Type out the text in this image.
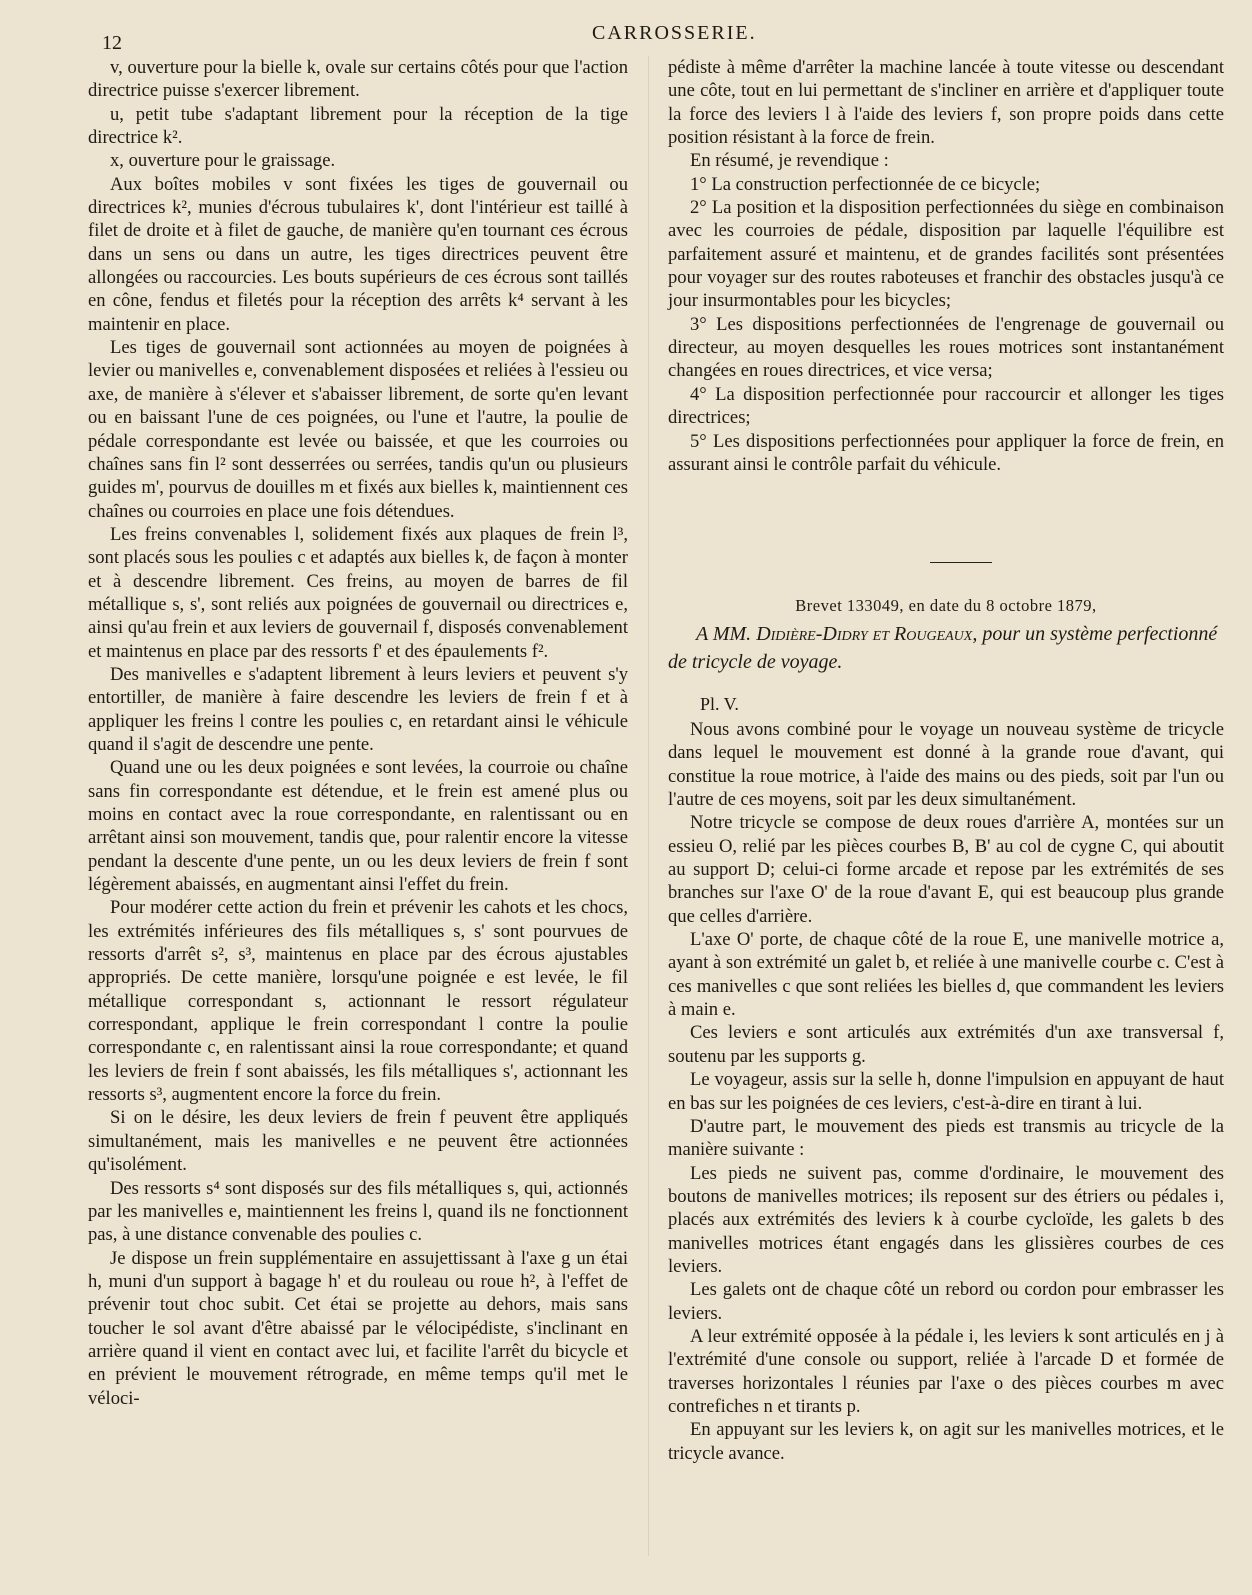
12	CARROSSERIE.

v, ouverture pour la bielle k, ovale sur certains côtés pour que l'action directrice puisse s'exercer librement.

u, petit tube s'adaptant librement pour la réception de la tige directrice k².

x, ouverture pour le graissage.

Aux boîtes mobiles v sont fixées les tiges de gouvernail ou directrices k², munies d'écrous tubulaires k', dont l'intérieur est taillé à filet de droite et à filet de gauche, de manière qu'en tournant ces écrous dans un sens ou dans un autre, les tiges directrices peuvent être allongées ou raccourcies. Les bouts supérieurs de ces écrous sont taillés en cône, fendus et filetés pour la réception des arrêts k⁴ servant à les maintenir en place.

Les tiges de gouvernail sont actionnées au moyen de poignées à levier ou manivelles e, convenablement disposées et reliées à l'essieu ou axe, de manière à s'élever et s'abaisser librement, de sorte qu'en levant ou en baissant l'une de ces poignées, ou l'une et l'autre, la poulie de pédale correspondante est levée ou baissée, et que les courroies ou chaînes sans fin l² sont desserrées ou serrées, tandis qu'un ou plusieurs guides m', pourvus de douilles m et fixés aux bielles k, maintiennent ces chaînes ou courroies en place une fois détendues.

Les freins convenables l, solidement fixés aux plaques de frein l³, sont placés sous les poulies c et adaptés aux bielles k, de façon à monter et à descendre librement. Ces freins, au moyen de barres de fil métallique s, s', sont reliés aux poignées de gouvernail ou directrices e, ainsi qu'au frein et aux leviers de gouvernail f, disposés convenablement et maintenus en place par des ressorts f' et des épaulements f².

Des manivelles e s'adaptent librement à leurs leviers et peuvent s'y entortiller, de manière à faire descendre les leviers de frein f et à appliquer les freins l contre les poulies c, en retardant ainsi le véhicule quand il s'agit de descendre une pente.

Quand une ou les deux poignées e sont levées, la courroie ou chaîne sans fin correspondante est détendue, et le frein est amené plus ou moins en contact avec la roue correspondante, en ralentissant ou en arrêtant ainsi son mouvement, tandis que, pour ralentir encore la vitesse pendant la descente d'une pente, un ou les deux leviers de frein f sont légèrement abaissés, en augmentant ainsi l'effet du frein.

Pour modérer cette action du frein et prévenir les cahots et les chocs, les extrémités inférieures des fils métalliques s, s' sont pourvues de ressorts d'arrêt s², s³, maintenus en place par des écrous ajustables appropriés. De cette manière, lorsqu'une poignée e est levée, le fil métallique correspondant s, actionnant le ressort régulateur correspondant, applique le frein correspondant l contre la poulie correspondante c, en ralentissant ainsi la roue correspondante; et quand les leviers de frein f sont abaissés, les fils métalliques s', actionnant les ressorts s³, augmentent encore la force du frein.

Si on le désire, les deux leviers de frein f peuvent être appliqués simultanément, mais les manivelles e ne peuvent être actionnées qu'isolément.

Des ressorts s⁴ sont disposés sur des fils métalliques s, qui, actionnés par les manivelles e, maintiennent les freins l, quand ils ne fonctionnent pas, à une distance convenable des poulies c.

Je dispose un frein supplémentaire en assujettissant à l'axe g un étai h, muni d'un support à bagage h' et du rouleau ou roue h², à l'effet de prévenir tout choc subit. Cet étai se projette au dehors, mais sans toucher le sol avant d'être abaissé par le vélocipédiste, s'inclinant en arrière quand il vient en contact avec lui, et facilite l'arrêt du bicycle et en prévient le mouvement rétrograde, en même temps qu'il met le véloci-

pédiste à même d'arrêter la machine lancée à toute vitesse ou descendant une côte, tout en lui permettant de s'incliner en arrière et d'appliquer toute la force des leviers l à l'aide des leviers f, son propre poids dans cette position résistant à la force de frein.

En résumé, je revendique :

1° La construction perfectionnée de ce bicycle;

2° La position et la disposition perfectionnées du siège en combinaison avec les courroies de pédale, disposition par laquelle l'équilibre est parfaitement assuré et maintenu, et de grandes facilités sont présentées pour voyager sur des routes raboteuses et franchir des obstacles jusqu'à ce jour insurmontables pour les bicycles;

3° Les dispositions perfectionnées de l'engrenage de gouvernail ou directeur, au moyen desquelles les roues motrices sont instantanément changées en roues directrices, et vice versa;

4° La disposition perfectionnée pour raccourcir et allonger les tiges directrices;

5° Les dispositions perfectionnées pour appliquer la force de frein, en assurant ainsi le contrôle parfait du véhicule.

Brevet 133049, en date du 8 octobre 1879,
A MM. Didière-Didry et Rougeaux, pour un système perfectionné de tricycle de voyage.
Pl. V.

Nous avons combiné pour le voyage un nouveau système de tricycle dans lequel le mouvement est donné à la grande roue d'avant, qui constitue la roue motrice, à l'aide des mains ou des pieds, soit par l'un ou l'autre de ces moyens, soit par les deux simultanément.

Notre tricycle se compose de deux roues d'arrière A, montées sur un essieu O, relié par les pièces courbes B, B' au col de cygne C, qui aboutit au support D; celui-ci forme arcade et repose par les extrémités de ses branches sur l'axe O' de la roue d'avant E, qui est beaucoup plus grande que celles d'arrière.

L'axe O' porte, de chaque côté de la roue E, une manivelle motrice a, ayant à son extrémité un galet b, et reliée à une manivelle courbe c. C'est à ces manivelles c que sont reliées les bielles d, que commandent les leviers à main e.

Ces leviers e sont articulés aux extrémités d'un axe transversal f, soutenu par les supports g.

Le voyageur, assis sur la selle h, donne l'impulsion en appuyant de haut en bas sur les poignées de ces leviers, c'est-à-dire en tirant à lui.

D'autre part, le mouvement des pieds est transmis au tricycle de la manière suivante :

Les pieds ne suivent pas, comme d'ordinaire, le mouvement des boutons de manivelles motrices; ils reposent sur des étriers ou pédales i, placés aux extrémités des leviers k à courbe cycloïde, les galets b des manivelles motrices étant engagés dans les glissières courbes de ces leviers.

Les galets ont de chaque côté un rebord ou cordon pour embrasser les leviers.

A leur extrémité opposée à la pédale i, les leviers k sont articulés en j à l'extrémité d'une console ou support, reliée à l'arcade D et formée de traverses horizontales l réunies par l'axe o des pièces courbes m avec contrefiches n et tirants p.

En appuyant sur les leviers k, on agit sur les manivelles motrices, et le tricycle avance.
